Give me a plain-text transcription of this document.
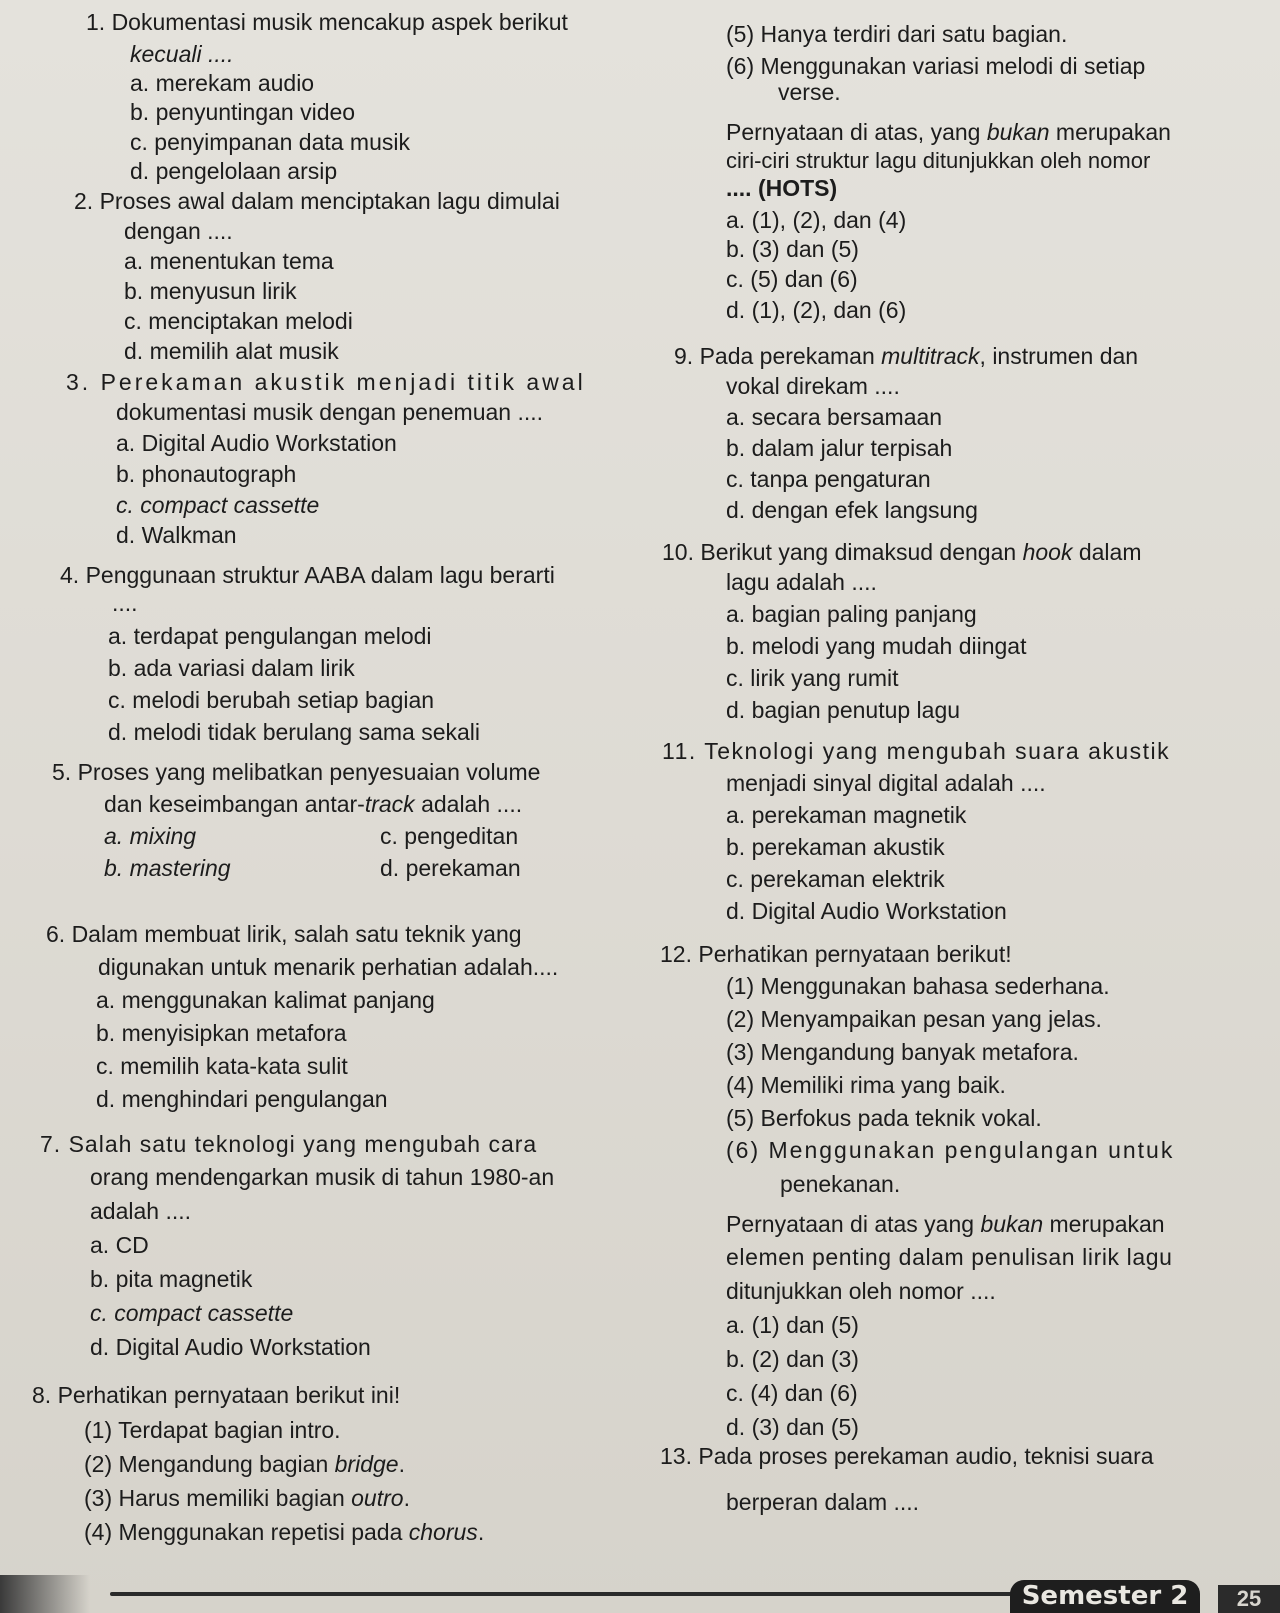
1. Dokumentasi musik mencakup aspek berikut
kecuali ....
a. merekam audio
b. penyuntingan video
c. penyimpanan data musik
d. pengelolaan arsip
2. Proses awal dalam menciptakan lagu dimulai
dengan ....
a. menentukan tema
b. menyusun lirik
c. menciptakan melodi
d. memilih alat musik
3. Perekaman akustik menjadi titik awal
dokumentasi musik dengan penemuan ....
a. Digital Audio Workstation
b. phonautograph
c. compact cassette
d. Walkman
4. Penggunaan struktur AABA dalam lagu berarti
....
a. terdapat pengulangan melodi
b. ada variasi dalam lirik
c. melodi berubah setiap bagian
d. melodi tidak berulang sama sekali
5. Proses yang melibatkan penyesuaian volume
dan keseimbangan antar-track adalah ....
a. mixing	c. pengeditan
b. mastering	d. perekaman
6. Dalam membuat lirik, salah satu teknik yang
digunakan untuk menarik perhatian adalah....
a. menggunakan kalimat panjang
b. menyisipkan metafora
c. memilih kata-kata sulit
d. menghindari pengulangan
7. Salah satu teknologi yang mengubah cara
orang mendengarkan musik di tahun 1980-an
adalah ....
a. CD
b. pita magnetik
c. compact cassette
d. Digital Audio Workstation
8. Perhatikan pernyataan berikut ini!
(1) Terdapat bagian intro.
(2) Mengandung bagian bridge.
(3) Harus memiliki bagian outro.
(4) Menggunakan repetisi pada chorus.
(5) Hanya terdiri dari satu bagian.
(6) Menggunakan variasi melodi di setiap
verse.
Pernyataan di atas, yang bukan merupakan
ciri-ciri struktur lagu ditunjukkan oleh nomor
.... (HOTS)
a. (1), (2), dan (4)
b. (3) dan (5)
c. (5) dan (6)
d. (1), (2), dan (6)
9. Pada perekaman multitrack, instrumen dan
vokal direkam ....
a. secara bersamaan
b. dalam jalur terpisah
c. tanpa pengaturan
d. dengan efek langsung
10. Berikut yang dimaksud dengan hook dalam
lagu adalah ....
a. bagian paling panjang
b. melodi yang mudah diingat
c. lirik yang rumit
d. bagian penutup lagu
11. Teknologi yang mengubah suara akustik
menjadi sinyal digital adalah ....
a. perekaman magnetik
b. perekaman akustik
c. perekaman elektrik
d. Digital Audio Workstation
12. Perhatikan pernyataan berikut!
(1) Menggunakan bahasa sederhana.
(2) Menyampaikan pesan yang jelas.
(3) Mengandung banyak metafora.
(4) Memiliki rima yang baik.
(5) Berfokus pada teknik vokal.
(6) Menggunakan pengulangan untuk
penekanan.
Pernyataan di atas yang bukan merupakan
elemen penting dalam penulisan lirik lagu
ditunjukkan oleh nomor ....
a. (1) dan (5)
b. (2) dan (3)
c. (4) dan (6)
d. (3) dan (5)
13. Pada proses perekaman audio, teknisi suara
berperan dalam ....
Semester 2	25
